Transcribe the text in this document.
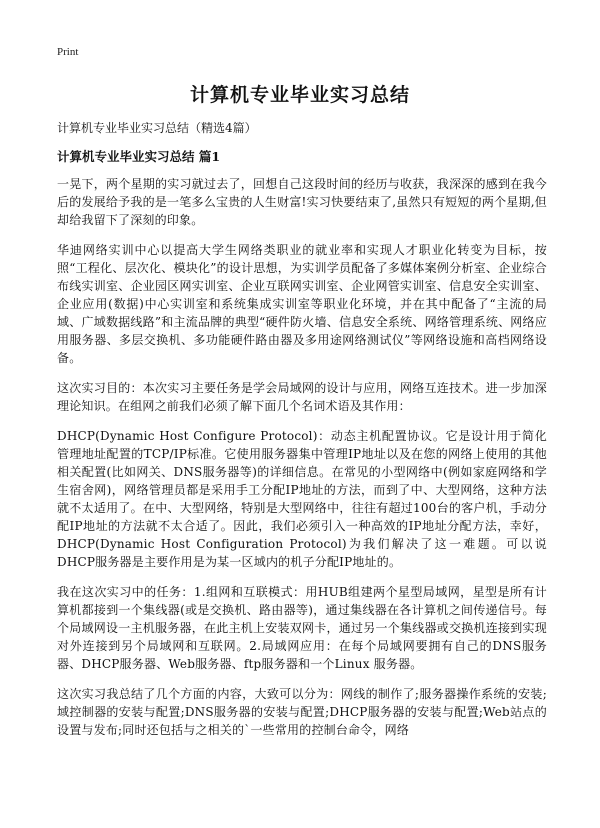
Print
计算机专业毕业实习总结

计算机专业毕业实习总结（精选4篇）

计算机专业毕业实习总结 篇1

一晃下，两个星期的实习就过去了，回想自己这段时间的经历与收获，我深深的感到在我今后的发展给予我的是一笔多么宝贵的人生财富!实习快要结束了,虽然只有短短的两个星期,但却给我留下了深刻的印象。

华迪网络实训中心以提高大学生网络类职业的就业率和实现人才职业化转变为目标，按照“工程化、层次化、模块化”的设计思想，为实训学员配备了多媒体案例分析室、企业综合布线实训室、企业园区网实训室、企业互联网实训室、企业网管实训室、信息安全实训室、企业应用(数据)中心实训室和系统集成实训室等职业化环境，并在其中配备了“主流的局域、广域数据线路”和主流品牌的典型“硬件防火墙、信息安全系统、网络管理系统、网络应用服务器、多层交换机、多功能硬件路由器及多用途网络测试仪”等网络设施和高档网络设备。

这次实习目的：本次实习主要任务是学会局域网的设计与应用，网络互连技术。进一步加深理论知识。在组网之前我们必须了解下面几个名词术语及其作用：

DHCP(Dynamic Host Configure Protocol)：动态主机配置协议。它是设计用于简化管理地址配置的TCP/IP标准。它使用服务器集中管理IP地址以及在您的网络上使用的其他相关配置(比如网关、DNS服务器等)的详细信息。在常见的小型网络中(例如家庭网络和学生宿舍网)，网络管理员都是采用手工分配IP地址的方法，而到了中、大型网络，这种方法就不太适用了。在中、大型网络，特别是大型网络中，往往有超过100台的客户机，手动分配IP地址的方法就不太合适了。因此，我们必须引入一种高效的IP地址分配方法，幸好，DHCP(Dynamic Host Configuration Protocol)为我们解决了这一难题。可以说DHCP服务器是主要作用是为某一区域内的机子分配IP地址的。

我在这次实习中的任务：1.组网和互联模式：用HUB组建两个星型局域网，星型是所有计算机都接到一个集线器(或是交换机、路由器等)，通过集线器在各计算机之间传递信号。每个局域网设一主机服务器，在此主机上安装双网卡，通过另一个集线器或交换机连接到实现对外连接到另个局域网和互联网。2.局域网应用：在每个局域网要拥有自己的DNS服务器、DHCP服务器、Web服务器、ftp服务器和一个Linux 服务器。

这次实习我总结了几个方面的内容，大致可以分为：网线的制作了;服务器操作系统的安装;域控制器的安装与配置;DNS服务器的安装与配置;DHCP服务器的安装与配置;Web站点的设置与发布;同时还包括与之相关的`一些常用的控制台命令，网络
